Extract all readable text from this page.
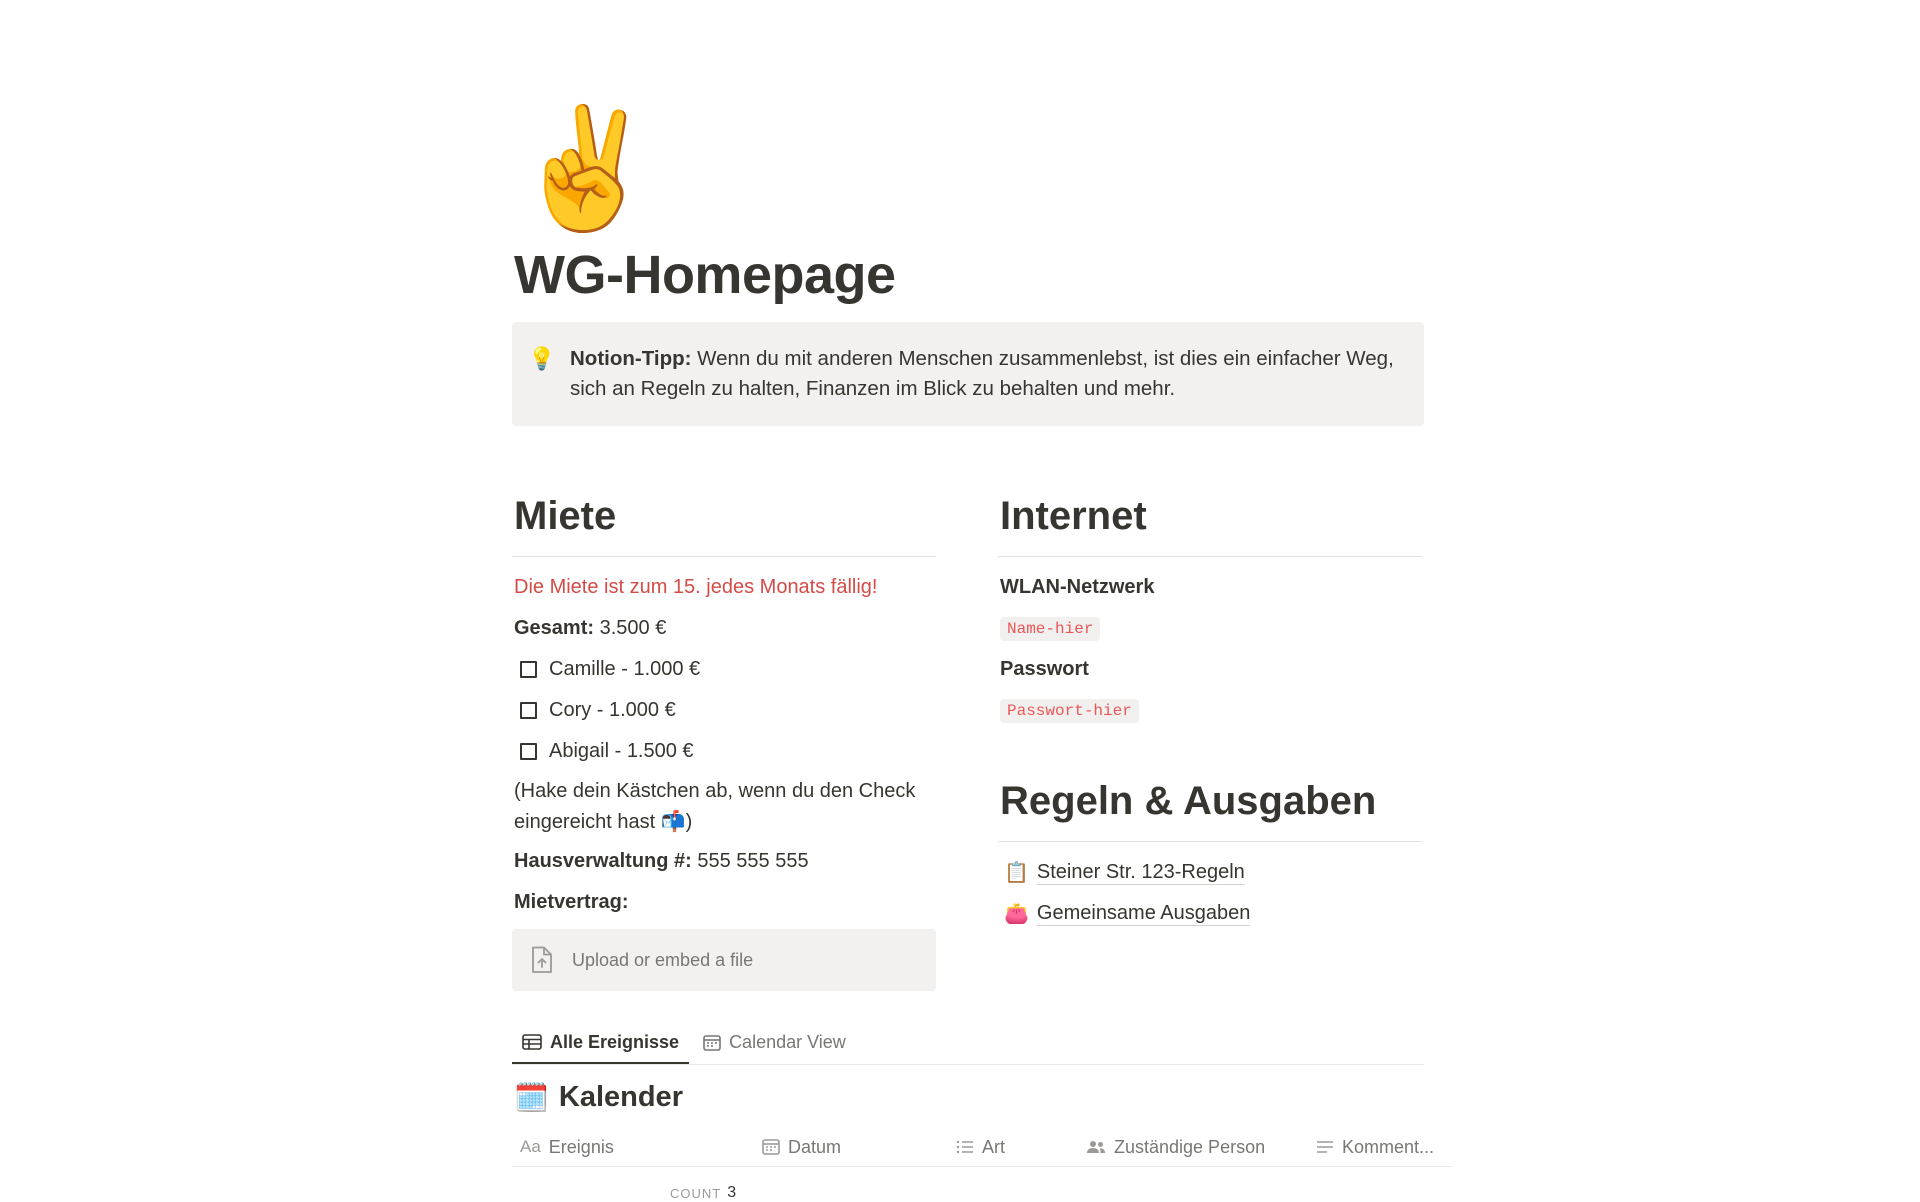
✌️
WG-Homepage
💡 Notion-Tipp: Wenn du mit anderen Menschen zusammenlebst, ist dies ein einfacher Weg, sich an Regeln zu halten, Finanzen im Blick zu behalten und mehr.
Miete
Die Miete ist zum 15. jedes Monats fällig!
Gesamt: 3.500 €
Camille - 1.000 €
Cory - 1.000 €
Abigail - 1.500 €
(Hake dein Kästchen ab, wenn du den Check eingereicht hast 📬)
Hausverwaltung #: 555 555 555
Mietvertrag:
Upload or embed a file
Internet
WLAN-Netzwerk
Name-hier
Passwort
Passwort-hier
Regeln & Ausgaben
📋 Steiner Str. 123-Regeln
👛 Gemeinsame Ausgaben
Alle Ereignisse	Calendar View
🗓️ Kalender
Aa Ereignis	Datum	Art	Zuständige Person	Komment...
COUNT 3
